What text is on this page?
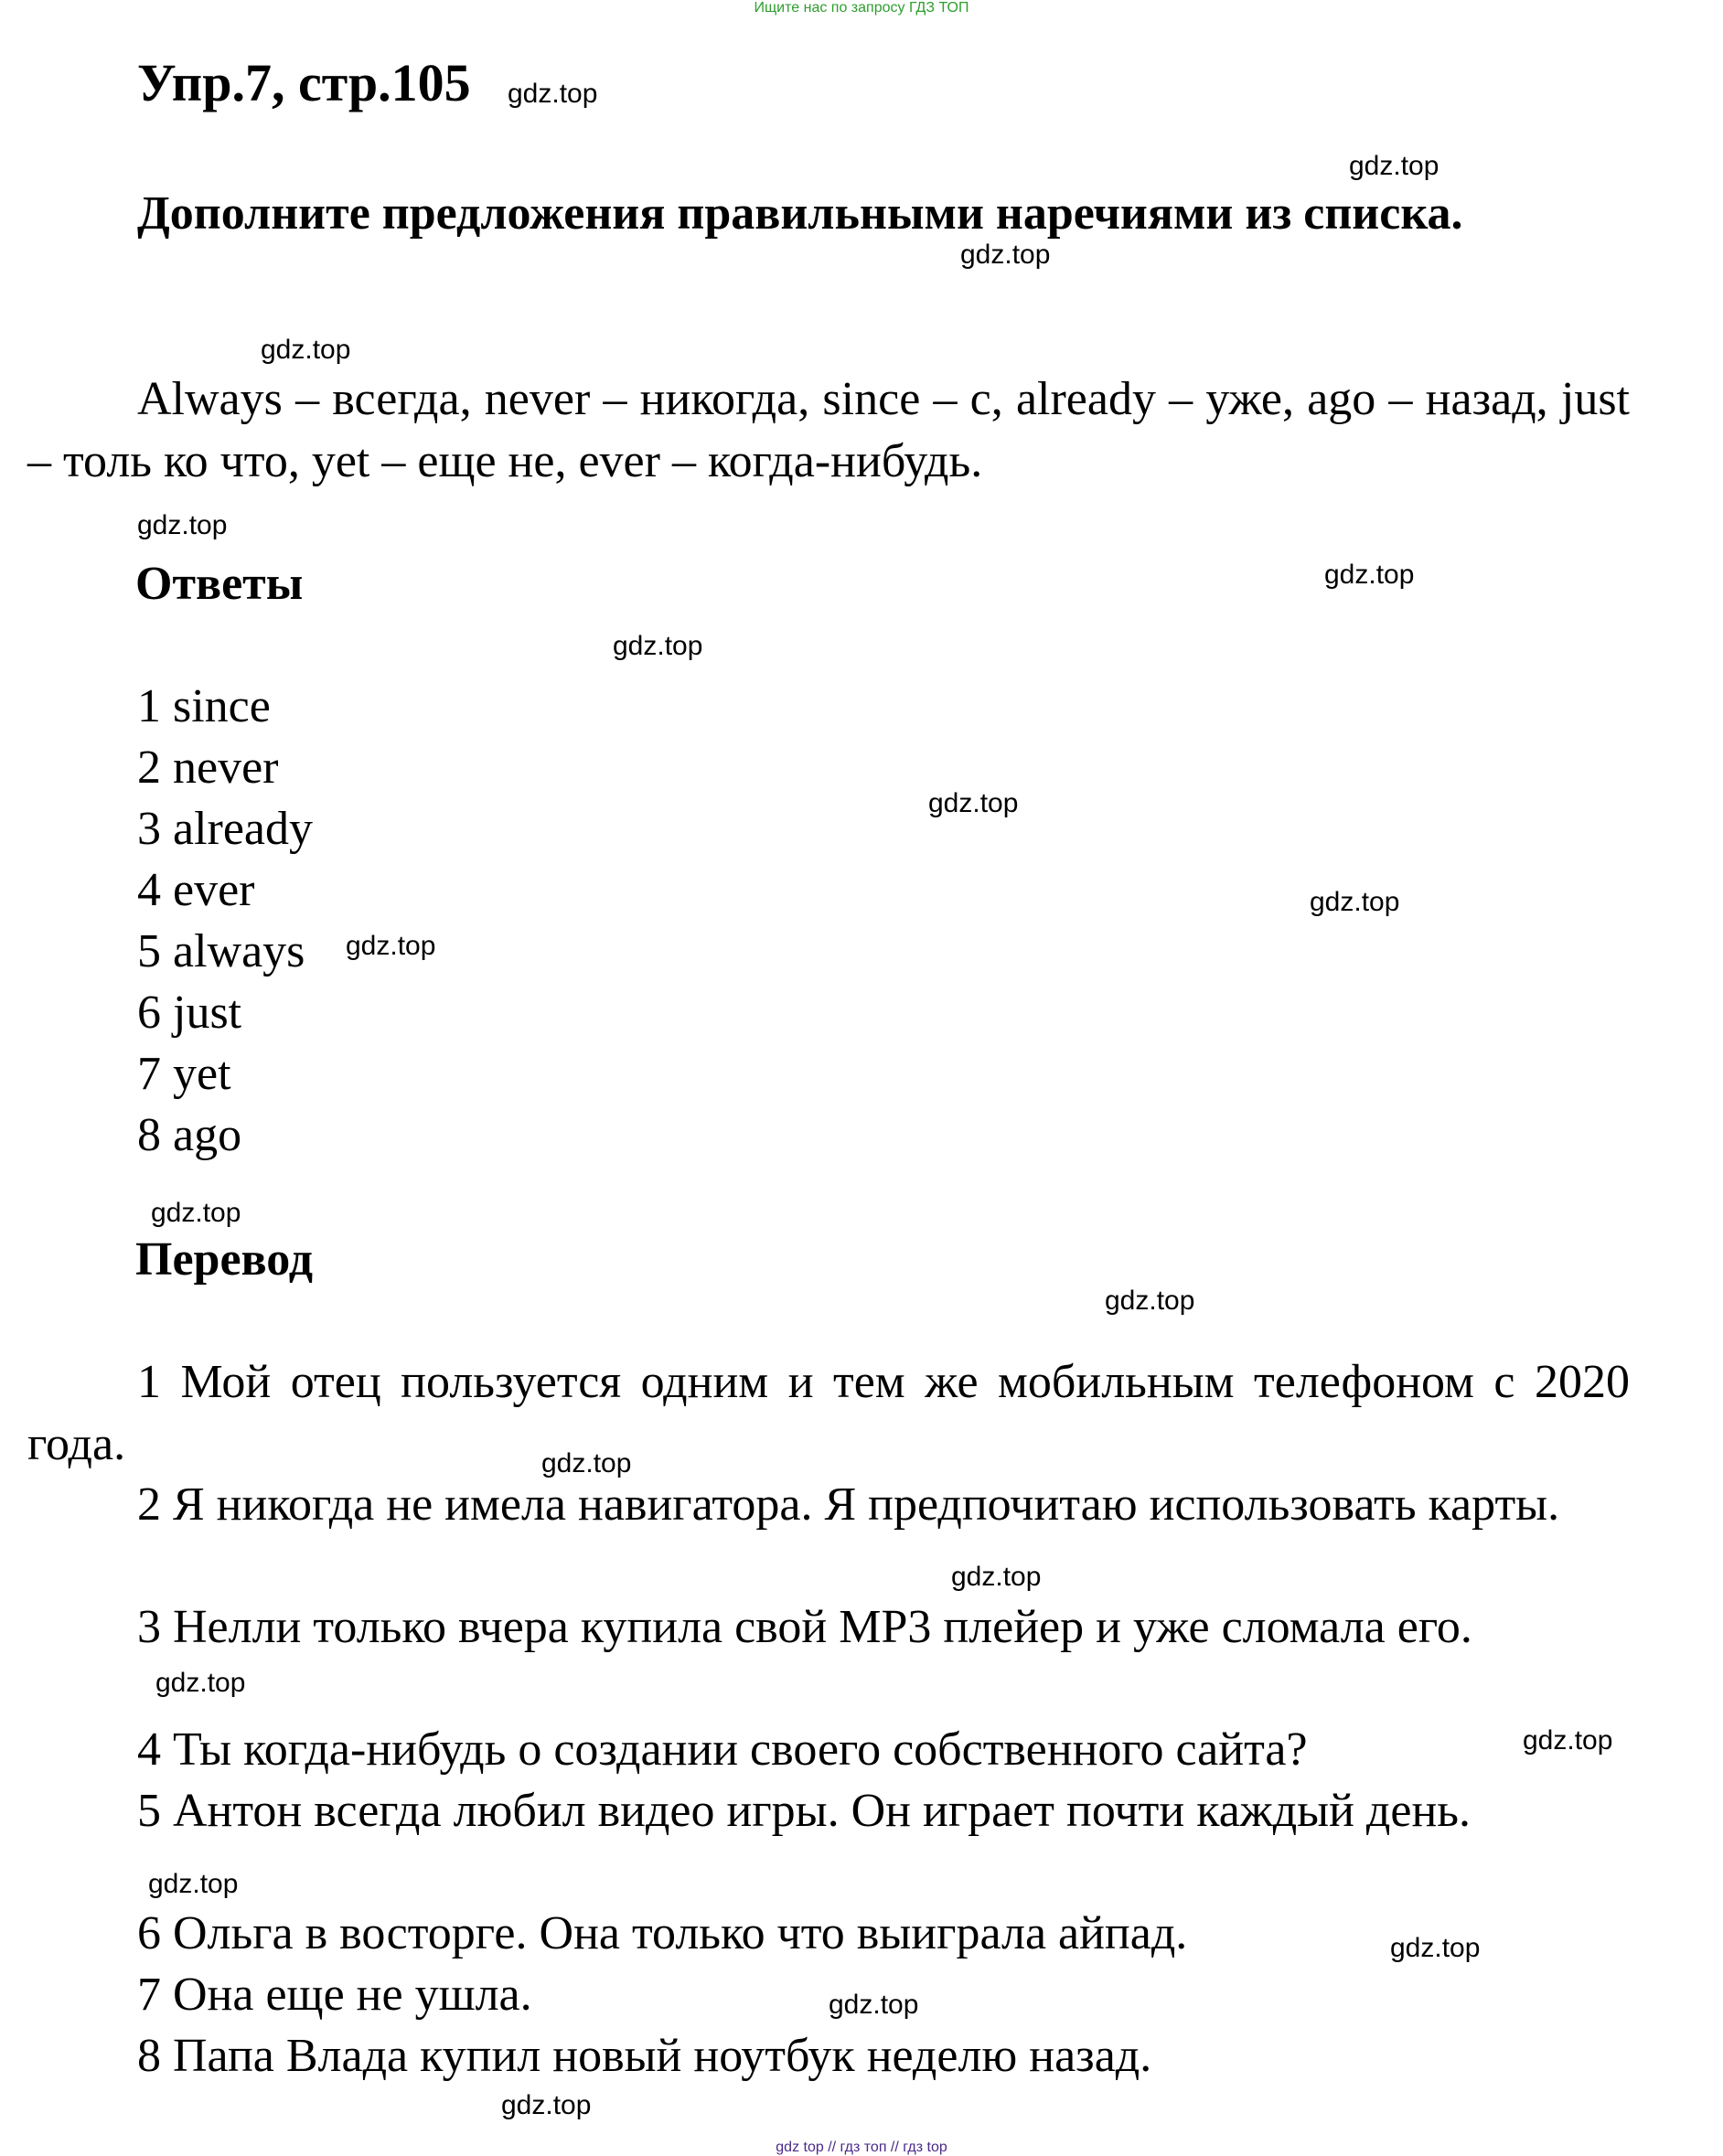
Ищите нас по запросу ГДЗ ТОП
Упр.7, стр.105
Дополните предложения правильными наречиями из списка.
Always – всегда, never – никогда, since – с, already – уже, ago – назад, just – толь ко что, yet – еще не, ever – когда-нибудь.
Ответы
1 since
2 never
3 already
4 ever
5 always
6 just
7 yet
8 ago
Перевод
1 Мой отец пользуется одним и тем же мобильным телефоном с 2020 года.
2 Я никогда не имела навигатора. Я предпочитаю использовать карты.
3 Нелли только вчера купила свой MP3 плейер и уже сломала его.
4 Ты когда-нибудь о создании своего собственного сайта?
5 Антон всегда любил видео игры. Он играет почти каждый день.
6 Ольга в восторге. Она только что выиграла айпад.
7 Она еще не ушла.
8 Папа Влада купил новый ноутбук неделю назад.
gdz.top
gdz.top
gdz.top
gdz.top
gdz.top
gdz.top
gdz.top
gdz.top
gdz.top
gdz.top
gdz.top
gdz.top
gdz.top
gdz.top
gdz.top
gdz.top
gdz.top
gdz.top
gdz.top
gdz.top
gdz top // гдз топ // гдз top
